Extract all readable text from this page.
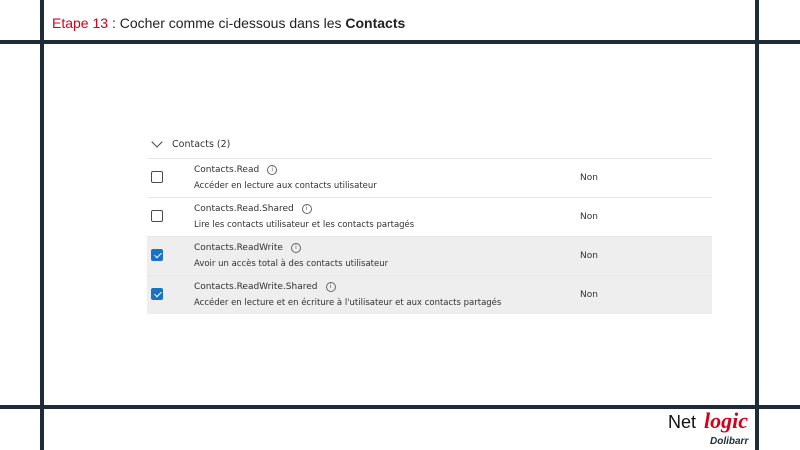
Etape 13 : Cocher comme ci-dessous dans les Contacts
Contacts (2)
Contacts.Read	i
Accéder en lecture aux contacts utilisateur
Non
Contacts.Read.Shared	i
Lire les contacts utilisateur et les contacts partagés
Non
Contacts.ReadWrite	i
Avoir un accès total à des contacts utilisateur
Non
Contacts.ReadWrite.Shared	i
Accéder en lecture et en écriture à l'utilisateur et aux contacts partagés
Non
Net logic
Dolibarr
